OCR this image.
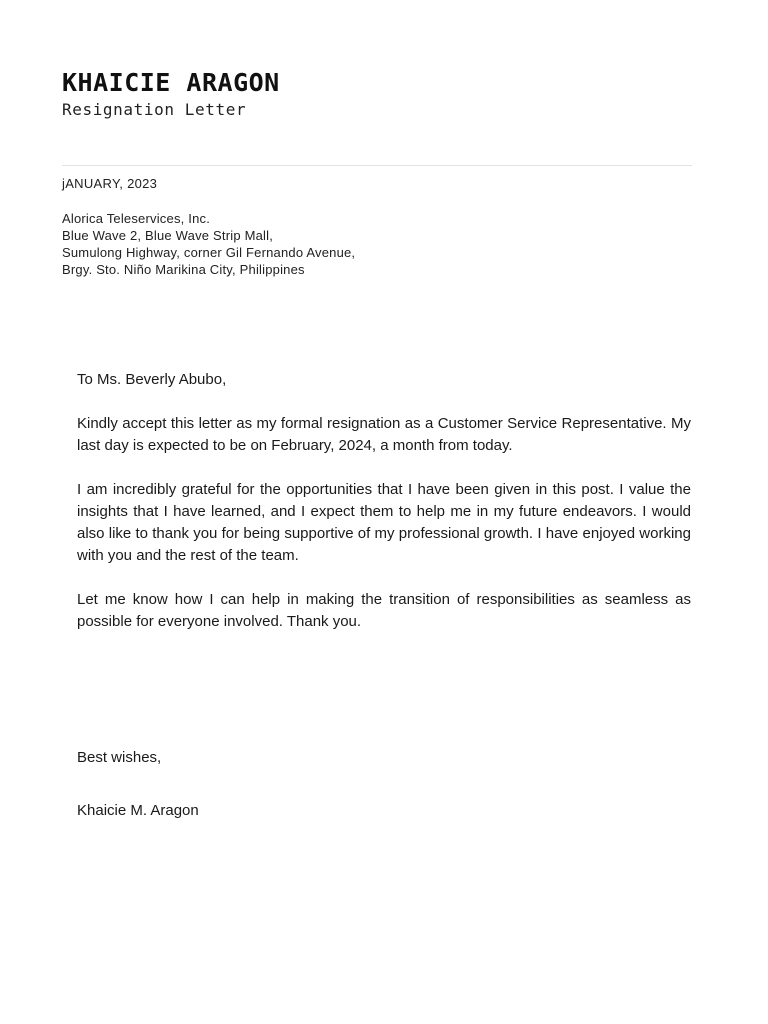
KHAICIE ARAGON
Resignation Letter
jANUARY, 2023
Alorica Teleservices, Inc.
Blue Wave 2, Blue Wave Strip Mall,
Sumulong Highway, corner Gil Fernando Avenue,
Brgy. Sto. Niño Marikina City, Philippines

To Ms. Beverly Abubo,

Kindly accept this letter as my formal resignation as a Customer Service Representative. My last day is expected to be on February, 2024, a month from today.

I am incredibly grateful for the opportunities that I have been given in this post. I value the insights that I have learned, and I expect them to help me in my future endeavors. I would also like to thank you for being supportive of my professional growth. I have enjoyed working with you and the rest of the team.

Let me know how I can help in making the transition of responsibilities as seamless as possible for everyone involved. Thank you.

Best wishes,
Khaicie M. Aragon
